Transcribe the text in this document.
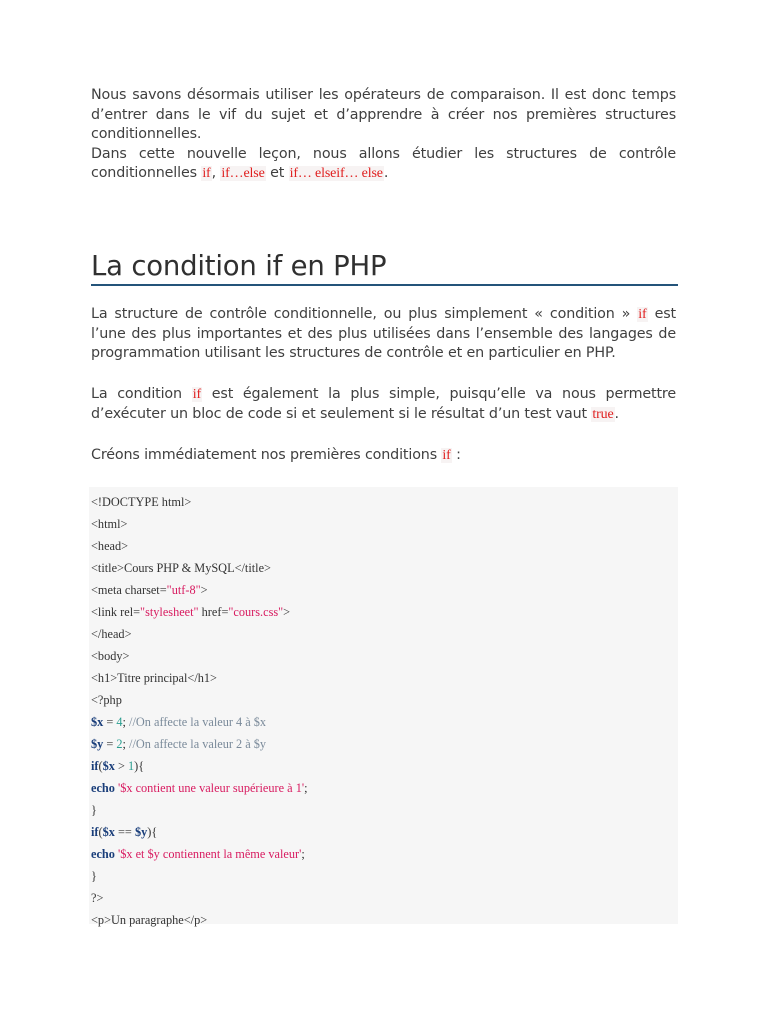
Nous savons désormais utiliser les opérateurs de comparaison. Il est donc temps d’entrer dans le vif du sujet et d’apprendre à créer nos premières structures conditionnelles.

Dans cette nouvelle leçon, nous allons étudier les structures de contrôle conditionnelles if, if…else et if… elseif… else.

La condition if en PHP

La structure de contrôle conditionnelle, ou plus simplement « condition » if est l’une des plus importantes et des plus utilisées dans l’ensemble des langages de programmation utilisant les structures de contrôle et en particulier en PHP.

La condition if est également la plus simple, puisqu’elle va nous permettre d’exécuter un bloc de code si et seulement si le résultat d’un test vaut true.

Créons immédiatement nos premières conditions if :

<!DOCTYPE html>
<html>
<head>
<title>Cours PHP & MySQL</title>
<meta charset="utf-8">
<link rel="stylesheet" href="cours.css">
</head>
<body>
<h1>Titre principal</h1>
<?php
$x = 4; //On affecte la valeur 4 à $x
$y = 2; //On affecte la valeur 2 à $y
if($x > 1){
echo '$x contient une valeur supérieure à 1';
}
if($x == $y){
echo '$x et $y contiennent la même valeur';
}
?>
<p>Un paragraphe</p>
